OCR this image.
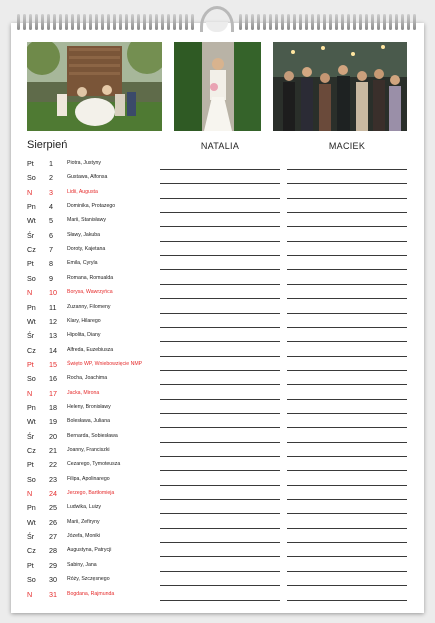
Sierpień	NATALIA	MACIEK
Pt	1	Piotra, Justyny
So	2	Gustawa, Alfonsa
N	3	Lidii, Augusta
Pn	4	Dominika, Protazego
Wt	5	Marii, Stanisławy
Śr	6	Sławy, Jakuba
Cz	7	Doroty, Kajetana
Pt	8	Emila, Cyryla
So	9	Romana, Romualda
N	10	Borysa, Wawrzyńca
Pn	11	Zuzanny, Filomeny
Wt	12	Klary, Hilarego
Śr	13	Hipolita, Diany
Cz	14	Alfreda, Euzebiusza
Pt	15	Święto WP, Wniebowzięcie NMP
So	16	Rocha, Joachima
N	17	Jacka, Mirona
Pn	18	Heleny, Bronisławy
Wt	19	Bolesława, Juliana
Śr	20	Bernarda, Sobiesława
Cz	21	Joanny, Franciszki
Pt	22	Cezarego, Tymoteusza
So	23	Filipa, Apolinarego
N	24	Jerzego, Bartłomieja
Pn	25	Ludwika, Luizy
Wt	26	Marii, Zefiryny
Śr	27	Józefa, Moniki
Cz	28	Augustyna, Patrycji
Pt	29	Sabiny, Jana
So	30	Róży, Szczęsnego
N	31	Bogdana, Rajmunda
